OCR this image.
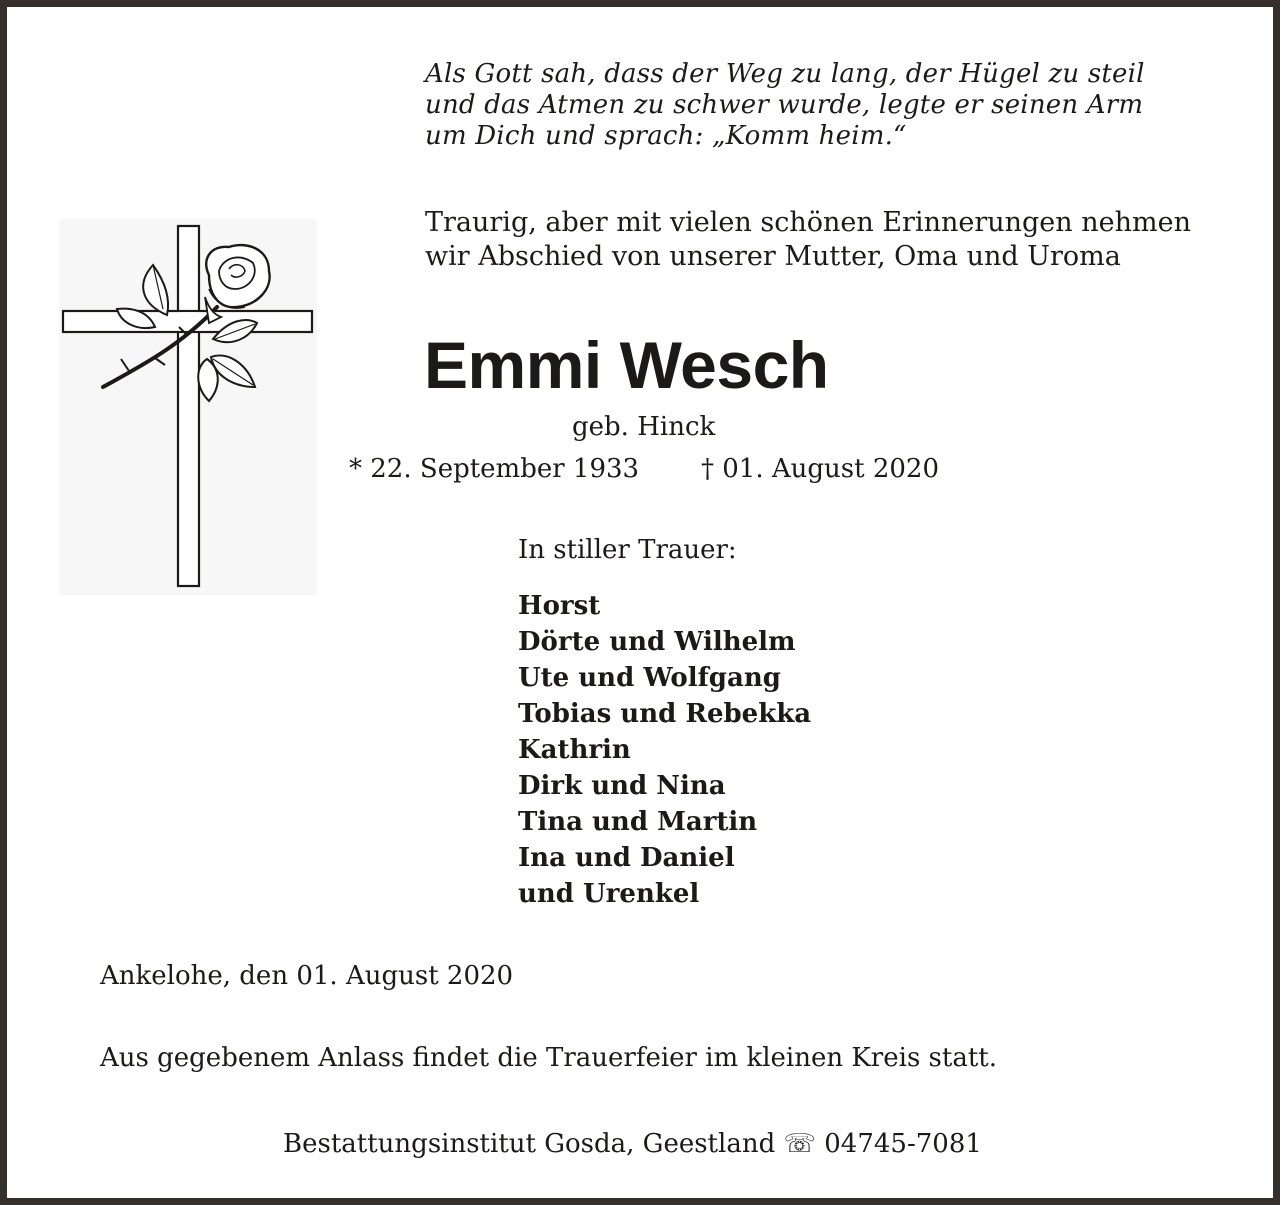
Als Gott sah, dass der Weg zu lang, der Hügel zu steil
und das Atmen zu schwer wurde, legte er seinen Arm
um Dich und sprach: „Komm heim.“
Traurig, aber mit vielen schönen Erinnerungen nehmen
wir Abschied von unserer Mutter, Oma und Uroma
Emmi Wesch
geb. Hinck
* 22. September 1933 † 01. August 2020
In stiller Trauer:
Horst
Dörte und Wilhelm
Ute und Wolfgang
Tobias und Rebekka
Kathrin
Dirk und Nina
Tina und Martin
Ina und Daniel
und Urenkel
Ankelohe, den 01. August 2020
Aus gegebenem Anlass findet die Trauerfeier im kleinen Kreis statt.
Bestattungsinstitut Gosda, Geestland ☏ 04745-7081
